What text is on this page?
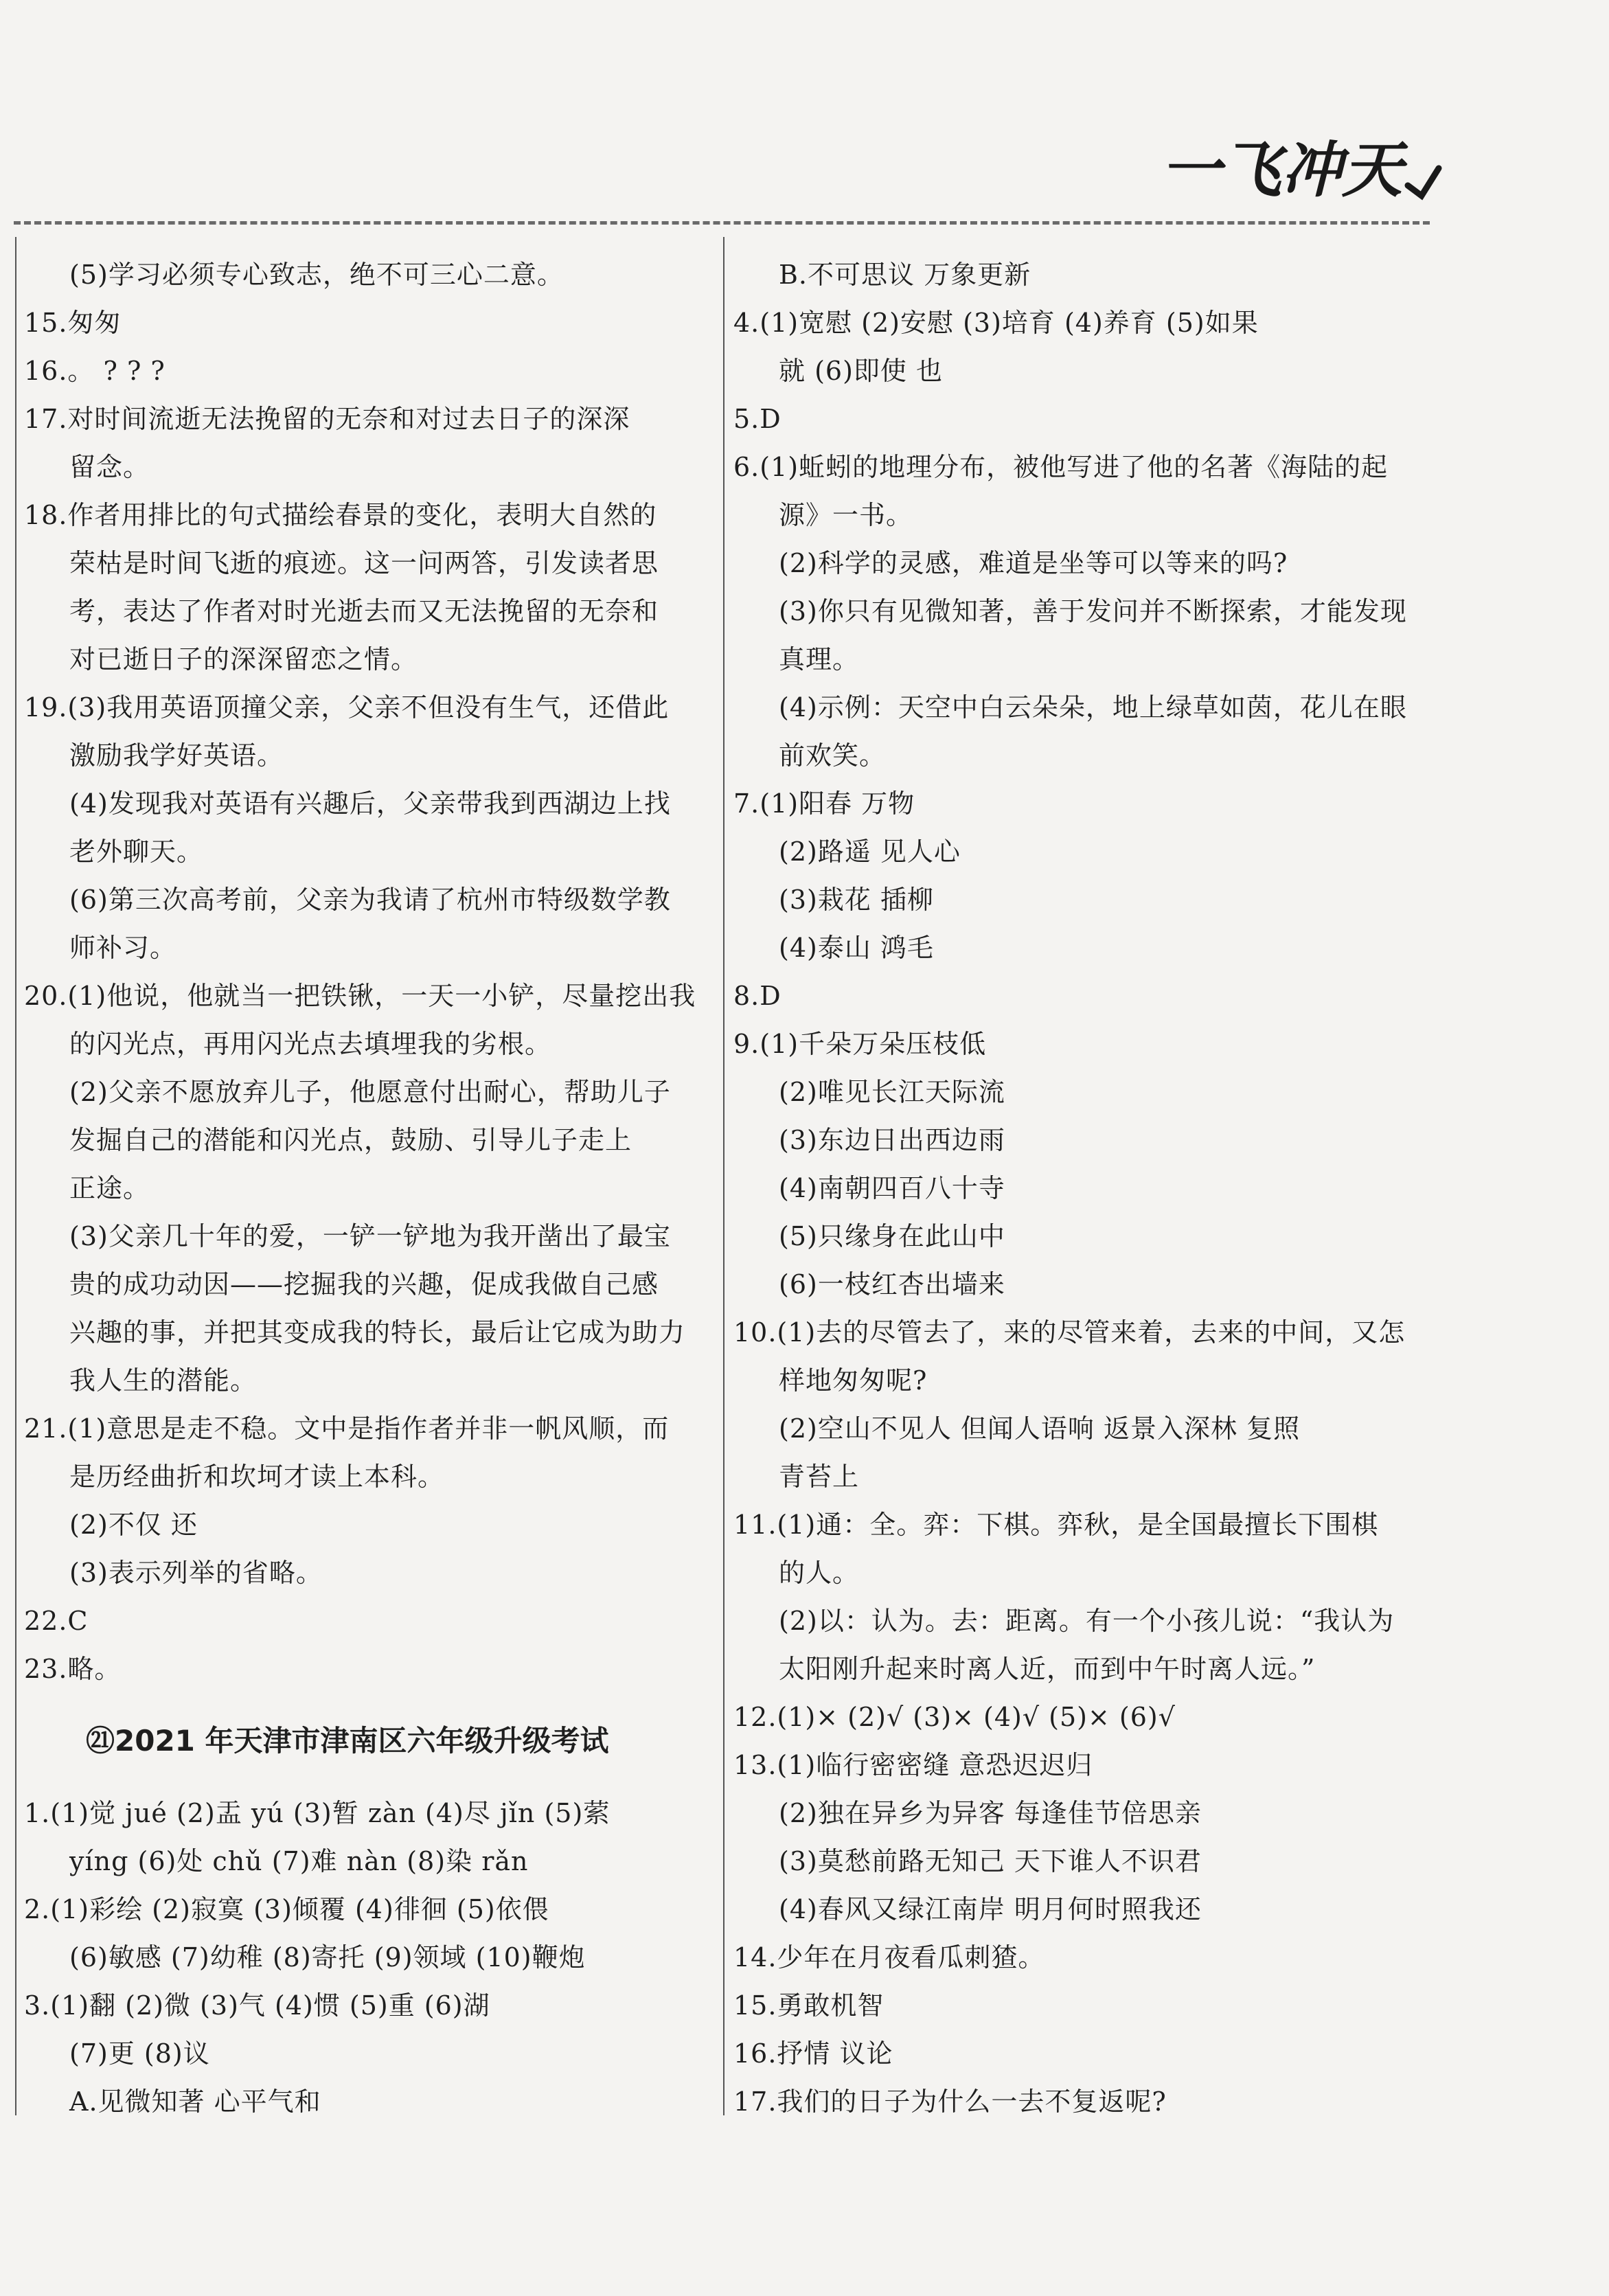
一飞冲天
(5)学习必须专心致志，绝不可三心二意。
15.匆匆
16.。 ? ? ?
17.对时间流逝无法挽留的无奈和对过去日子的深深
留念。
18.作者用排比的句式描绘春景的变化，表明大自然的
荣枯是时间飞逝的痕迹。这一问两答，引发读者思
考，表达了作者对时光逝去而又无法挽留的无奈和
对已逝日子的深深留恋之情。
19.(3)我用英语顶撞父亲，父亲不但没有生气，还借此
激励我学好英语。
(4)发现我对英语有兴趣后，父亲带我到西湖边上找
老外聊天。
(6)第三次高考前，父亲为我请了杭州市特级数学教
师补习。
20.(1)他说，他就当一把铁锹，一天一小铲，尽量挖出我
的闪光点，再用闪光点去填埋我的劣根。
(2)父亲不愿放弃儿子，他愿意付出耐心，帮助儿子
发掘自己的潜能和闪光点，鼓励、引导儿子走上
正途。
(3)父亲几十年的爱，一铲一铲地为我开凿出了最宝
贵的成功动因——挖掘我的兴趣，促成我做自己感
兴趣的事，并把其变成我的特长，最后让它成为助力
我人生的潜能。
21.(1)意思是走不稳。文中是指作者并非一帆风顺，而
是历经曲折和坎坷才读上本科。
(2)不仅 还
(3)表示列举的省略。
22.C
23.略。
㉑2021 年天津市津南区六年级升级考试
1.(1)觉 jué (2)盂 yú (3)暂 zàn (4)尽 jǐn (5)萦
yíng (6)处 chǔ (7)难 nàn (8)染 rǎn
2.(1)彩绘 (2)寂寞 (3)倾覆 (4)徘徊 (5)依偎
(6)敏感 (7)幼稚 (8)寄托 (9)领域 (10)鞭炮
3.(1)翻 (2)微 (3)气 (4)惯 (5)重 (6)湖
(7)更 (8)议
A.见微知著 心平气和
B.不可思议 万象更新
4.(1)宽慰 (2)安慰 (3)培育 (4)养育 (5)如果
就 (6)即使 也
5.D
6.(1)蚯蚓的地理分布，被他写进了他的名著《海陆的起
源》一书。
(2)科学的灵感，难道是坐等可以等来的吗?
(3)你只有见微知著，善于发问并不断探索，才能发现
真理。
(4)示例：天空中白云朵朵，地上绿草如茵，花儿在眼
前欢笑。
7.(1)阳春 万物
(2)路遥 见人心
(3)栽花 插柳
(4)泰山 鸿毛
8.D
9.(1)千朵万朵压枝低
(2)唯见长江天际流
(3)东边日出西边雨
(4)南朝四百八十寺
(5)只缘身在此山中
(6)一枝红杏出墙来
10.(1)去的尽管去了，来的尽管来着，去来的中间，又怎
样地匆匆呢?
(2)空山不见人 但闻人语响 返景入深林 复照
青苔上
11.(1)通：全。弈：下棋。弈秋，是全国最擅长下围棋
的人。
(2)以：认为。去：距离。有一个小孩儿说：“我认为
太阳刚升起来时离人近，而到中午时离人远。”
12.(1)× (2)√ (3)× (4)√ (5)× (6)√
13.(1)临行密密缝 意恐迟迟归
(2)独在异乡为异客 每逢佳节倍思亲
(3)莫愁前路无知己 天下谁人不识君
(4)春风又绿江南岸 明月何时照我还
14.少年在月夜看瓜刺猹。
15.勇敢机智
16.抒情 议论
17.我们的日子为什么一去不复返呢?
